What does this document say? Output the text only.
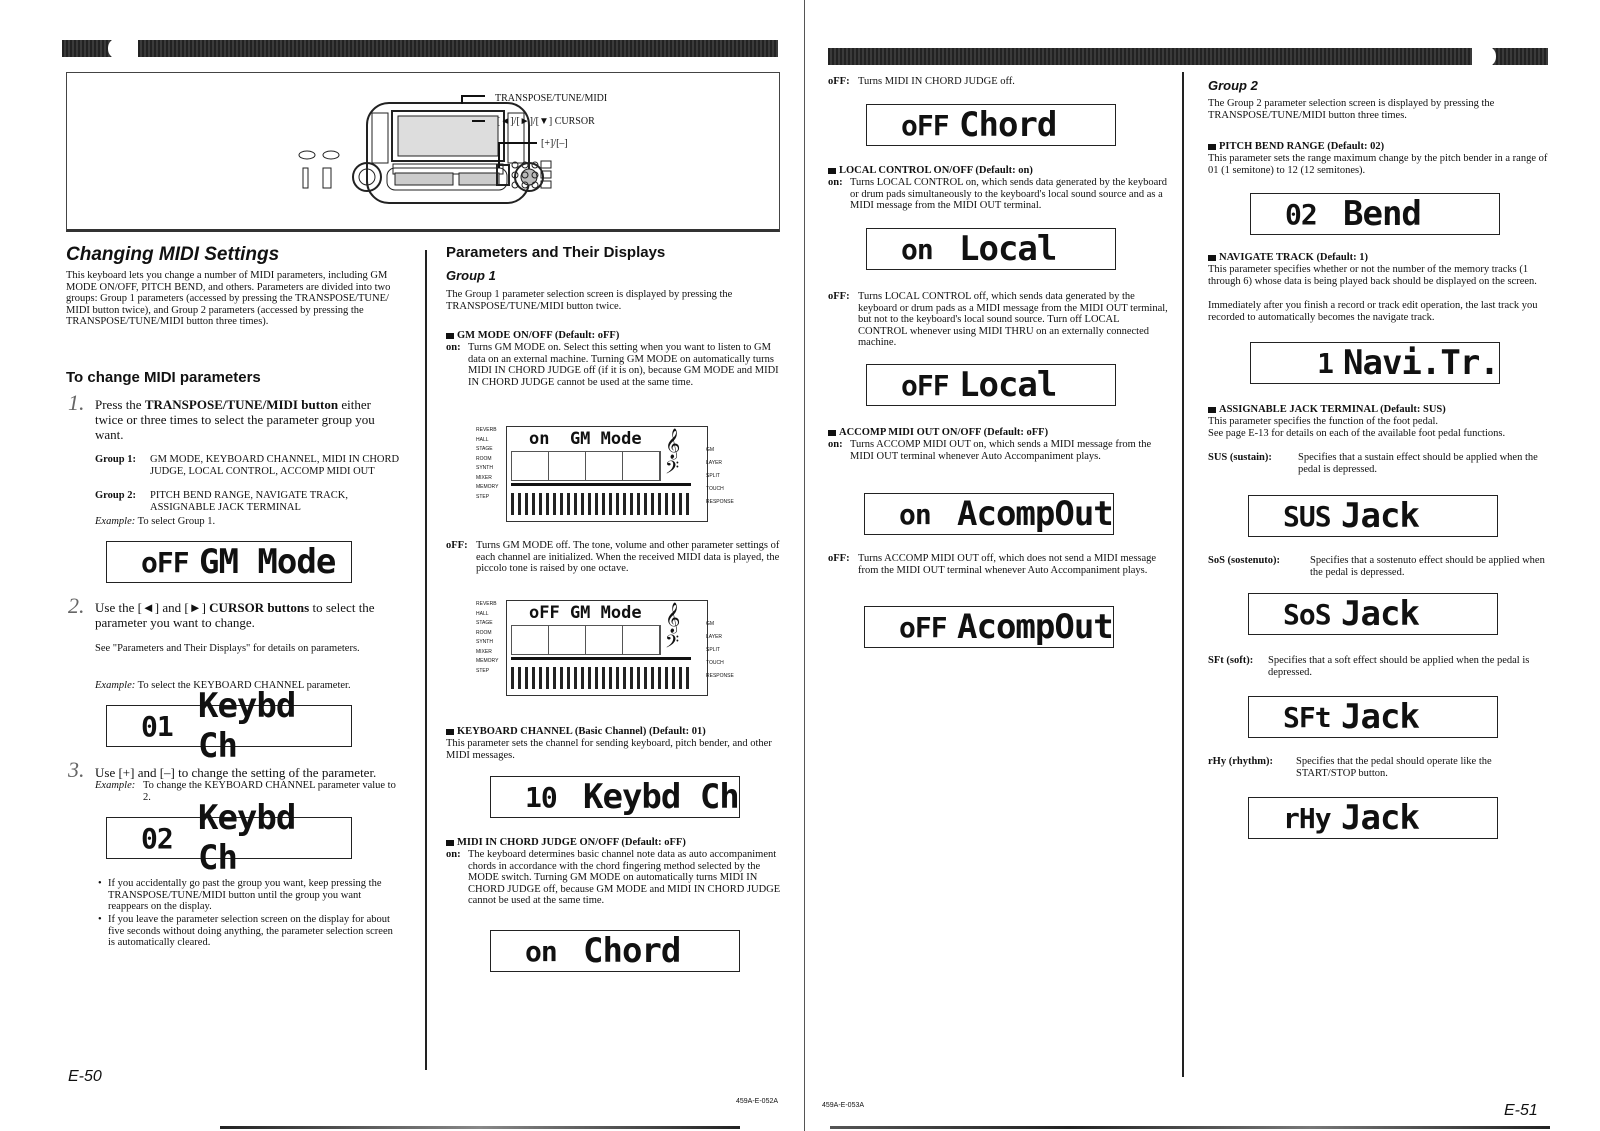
TRANSPOSE/TUNE/MIDI
[◄]/[►]/[▼] CURSOR
[+]/[–]
Changing MIDI Settings
This keyboard lets you change a number of MIDI parameters, including GM MODE ON/OFF, PITCH BEND, and others. Parameters are divided into two groups: Group 1 parameters (accessed by pressing the TRANSPOSE/TUNE/ MIDI button twice), and Group 2 parameters (accessed by pressing the TRANSPOSE/TUNE/MIDI button three times).
To change MIDI parameters
1. Press the TRANSPOSE/TUNE/MIDI button either twice or three times to select the parameter group you want.
Group 1:	GM MODE, KEYBOARD CHANNEL, MIDI IN CHORD JUDGE, LOCAL CONTROL, ACCOMP MIDI OUT
Group 2:	PITCH BEND RANGE, NAVIGATE TRACK, ASSIGNABLE JACK TERMINAL
Example: To select Group 1.
oFF GM Mode
2. Use the [◄] and [►] CURSOR buttons to select the parameter you want to change.
See "Parameters and Their Displays" for details on parameters.
Example: To select the KEYBOARD CHANNEL parameter.
01 Keybd Ch
3. Use [+] and [–] to change the setting of the parameter.
Example: To change the KEYBOARD CHANNEL parameter value to 2.
02 Keybd Ch
• If you accidentally go past the group you want, keep pressing the TRANSPOSE/TUNE/MIDI button until the group you want reappears on the display.
• If you leave the parameter selection screen on the display for about five seconds without doing anything, the parameter selection screen is automatically cleared.
E-50
Parameters and Their Displays
Group 1
The Group 1 parameter selection screen is displayed by pressing the TRANSPOSE/TUNE/MIDI button twice.
GM MODE ON/OFF (Default: oFF)
on: Turns GM MODE on. Select this setting when you want to listen to GM data on an external machine. Turning GM MODE on automatically turns MIDI IN CHORD JUDGE off (if it is on), because GM MODE and MIDI IN CHORD JUDGE cannot be used at the same time.
REVERB
HALL
STAGE
ROOM
SYNTH
MIXER
MEMORY
STEP
on  GM Mode 𝄞
𝄢
GM
LAYER
SPLIT
TOUCH RESPONSE
oFF: Turns GM MODE off. The tone, volume and other parameter settings of each channel are initialized. When the received MIDI data is played, the piccolo tone is raised by one octave.
REVERB
HALL
STAGE
ROOM
SYNTH
MIXER
MEMORY
STEP
oFF GM Mode 𝄞
𝄢
GM
LAYER
SPLIT
TOUCH RESPONSE
KEYBOARD CHANNEL (Basic Channel) (Default: 01)
This parameter sets the channel for sending keyboard, pitch bender, and other MIDI messages.
10 Keybd Ch
MIDI IN CHORD JUDGE ON/OFF (Default: oFF)
on: The keyboard determines basic channel note data as auto accompaniment chords in accordance with the chord fingering method selected by the MODE switch. Turning GM MODE on automatically turns MIDI IN CHORD JUDGE off, because GM MODE and MIDI IN CHORD JUDGE cannot be used at the same time.
on Chord
459A-E-052A
oFF: Turns MIDI IN CHORD JUDGE off.
oFF Chord
LOCAL CONTROL ON/OFF (Default: on)
on: Turns LOCAL CONTROL on, which sends data generated by the keyboard or drum pads simultaneously to the keyboard's local sound source and as a MIDI message from the MIDI OUT terminal.
on Local
oFF: Turns LOCAL CONTROL off, which sends data generated by the keyboard or drum pads as a MIDI message from the MIDI OUT terminal, but not to the keyboard's local sound source. Turn off LOCAL CONTROL whenever using MIDI THRU on an externally connected machine.
oFF Local
ACCOMP MIDI OUT ON/OFF (Default: oFF)
on: Turns ACCOMP MIDI OUT on, which sends a MIDI message from the MIDI OUT terminal whenever Auto Accompaniment plays.
on AcompOut
oFF: Turns ACCOMP MIDI OUT off, which does not send a MIDI message from the MIDI OUT terminal whenever Auto Accompaniment plays.
oFF AcompOut
459A-E-053A
Group 2
The Group 2 parameter selection screen is displayed by pressing the TRANSPOSE/TUNE/MIDI button three times.
PITCH BEND RANGE (Default: 02)
This parameter sets the range maximum change by the pitch bender in a range of 01 (1 semitone) to 12 (12 semitones).
02 Bend
NAVIGATE TRACK (Default: 1)
This parameter specifies whether or not the number of the memory tracks (1 through 6) whose data is being played back should be displayed on the screen.
Immediately after you finish a record or track edit operation, the last track you recorded to automatically becomes the navigate track.
1 Navi.Tr.
ASSIGNABLE JACK TERMINAL (Default: SUS)
This parameter specifies the function of the foot pedal.
See page E-13 for details on each of the available foot pedal functions.
SUS (sustain):	Specifies that a sustain effect should be applied when the pedal is depressed.
SUS Jack
SoS (sostenuto):	Specifies that a sostenuto effect should be applied when the pedal is depressed.
SoS Jack
SFt (soft):	Specifies that a soft effect should be applied when the pedal is depressed.
SFt Jack
rHy (rhythm):	Specifies that the pedal should operate like the START/STOP button.
rHy Jack
E-51
